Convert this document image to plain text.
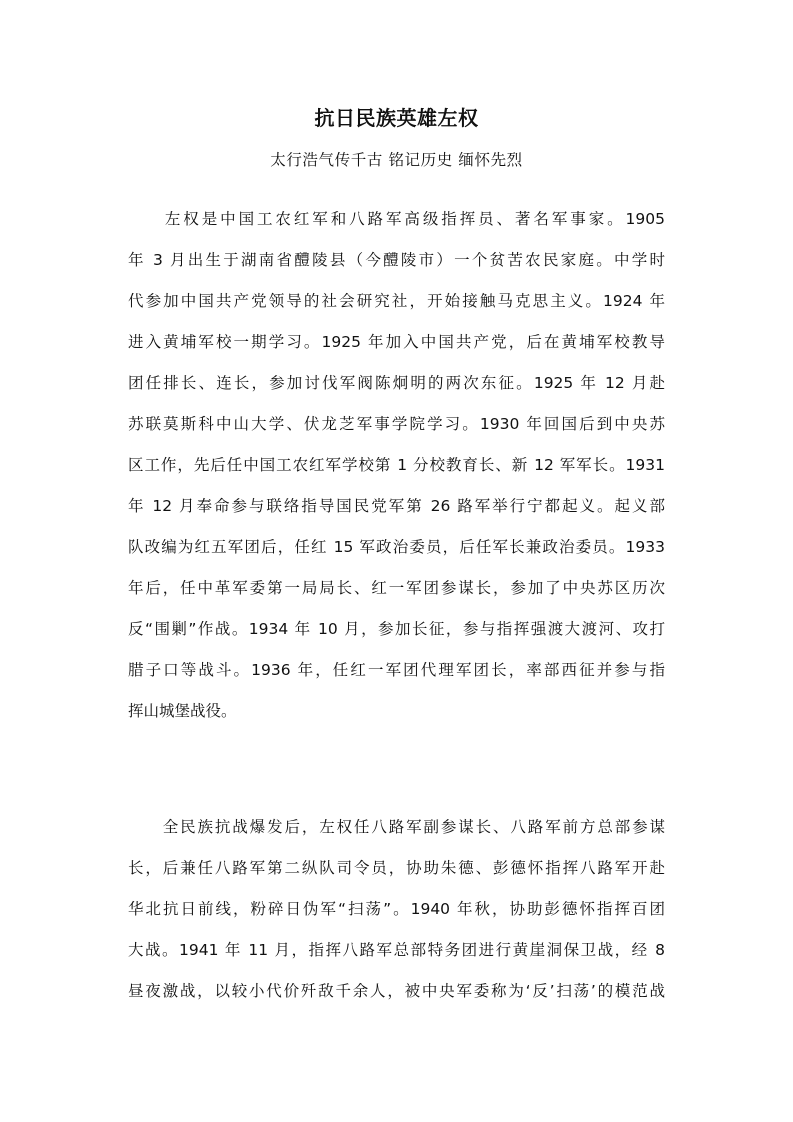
抗日民族英雄左权
太行浩气传千古 铭记历史 缅怀先烈
　　左权是中国工农红军和八路军高级指挥员、著名军事家。1905
年 3 月出生于湖南省醴陵县（今醴陵市）一个贫苦农民家庭。中学时
代参加中国共产党领导的社会研究社，开始接触马克思主义。1924 年
进入黄埔军校一期学习。1925 年加入中国共产党，后在黄埔军校教导
团任排长、连长，参加讨伐军阀陈炯明的两次东征。1925 年 12 月赴
苏联莫斯科中山大学、伏龙芝军事学院学习。1930 年回国后到中央苏
区工作，先后任中国工农红军学校第 1 分校教育长、新 12 军军长。1931
年 12 月奉命参与联络指导国民党军第 26 路军举行宁都起义。起义部
队改编为红五军团后，任红 15 军政治委员，后任军长兼政治委员。1933
年后，任中革军委第一局局长、红一军团参谋长，参加了中央苏区历次
反“围剿”作战。1934 年 10 月，参加长征，参与指挥强渡大渡河、攻打
腊子口等战斗。1936 年，任红一军团代理军团长，率部西征并参与指
挥山城堡战役。
　　全民族抗战爆发后，左权任八路军副参谋长、八路军前方总部参谋
长，后兼任八路军第二纵队司令员，协助朱德、彭德怀指挥八路军开赴
华北抗日前线，粉碎日伪军“扫荡”。1940 年秋，协助彭德怀指挥百团
大战。1941 年 11 月，指挥八路军总部特务团进行黄崖洞保卫战，经 8
昼夜激战，以较小代价歼敌千余人，被中央军委称为‘反’扫荡’的模范战
